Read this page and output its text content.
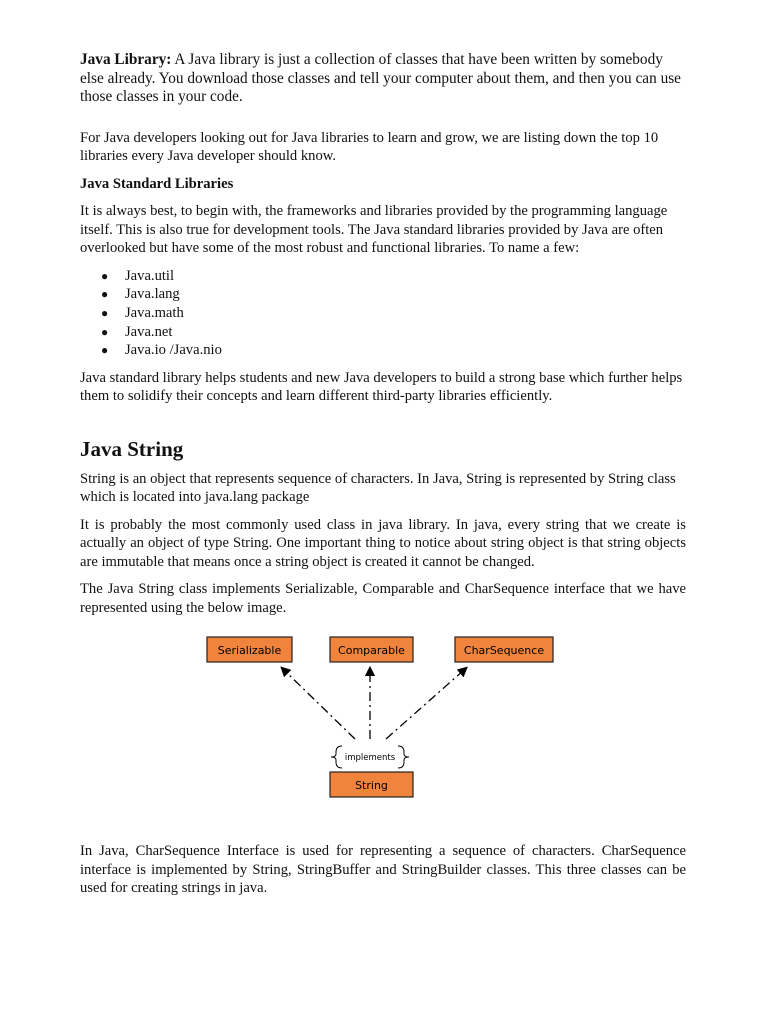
Java Library: A Java library is just a collection of classes that have been written by somebody else already. You download those classes and tell your computer about them, and then you can use those classes in your code.

For Java developers looking out for Java libraries to learn and grow, we are listing down the top 10 libraries every Java developer should know.

Java Standard Libraries

It is always best, to begin with, the frameworks and libraries provided by the programming language itself. This is also true for development tools. The Java standard libraries provided by Java are often overlooked but have some of the most robust and functional libraries. To name a few:

● Java.util
● Java.lang
● Java.math
● Java.net
● Java.io /Java.nio

Java standard library helps students and new Java developers to build a strong base which further helps them to solidify their concepts and learn different third-party libraries efficiently.

Java String

String is an object that represents sequence of characters. In Java, String is represented by String class which is located into java.lang package

It is probably the most commonly used class in java library. In java, every string that we create is actually an object of type String. One important thing to notice about string object is that string objects are immutable that means once a string object is created it cannot be changed.

The Java String class implements Serializable, Comparable and CharSequence interface that we have represented using the below image.

Serializable	Comparable	CharSequence
implements
String

In Java, CharSequence Interface is used for representing a sequence of characters. CharSequence interface is implemented by String, StringBuffer and StringBuilder classes. This three classes can be used for creating strings in java.
